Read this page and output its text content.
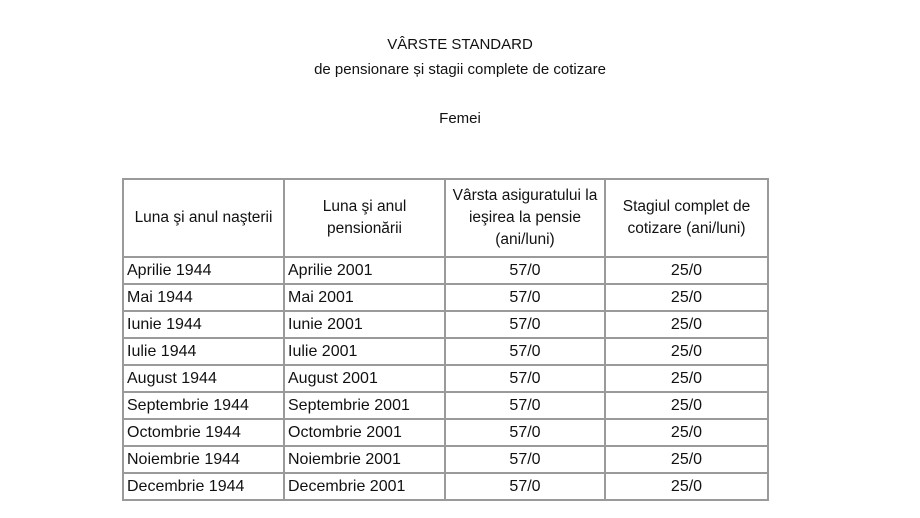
VÂRSTE STANDARD
de pensionare și stagii complete de cotizare
Femei
Luna şi anul naşterii	Luna şi anul pensionării	Vârsta asiguratului la ieşirea la pensie (ani/luni)	Stagiul complet de cotizare (ani/luni)
Aprilie 1944	Aprilie 2001	57/0	25/0
Mai 1944	Mai 2001	57/0	25/0
Iunie 1944	Iunie 2001	57/0	25/0
Iulie 1944	Iulie 2001	57/0	25/0
August 1944	August 2001	57/0	25/0
Septembrie 1944	Septembrie 2001	57/0	25/0
Octombrie 1944	Octombrie 2001	57/0	25/0
Noiembrie 1944	Noiembrie 2001	57/0	25/0
Decembrie 1944	Decembrie 2001	57/0	25/0
